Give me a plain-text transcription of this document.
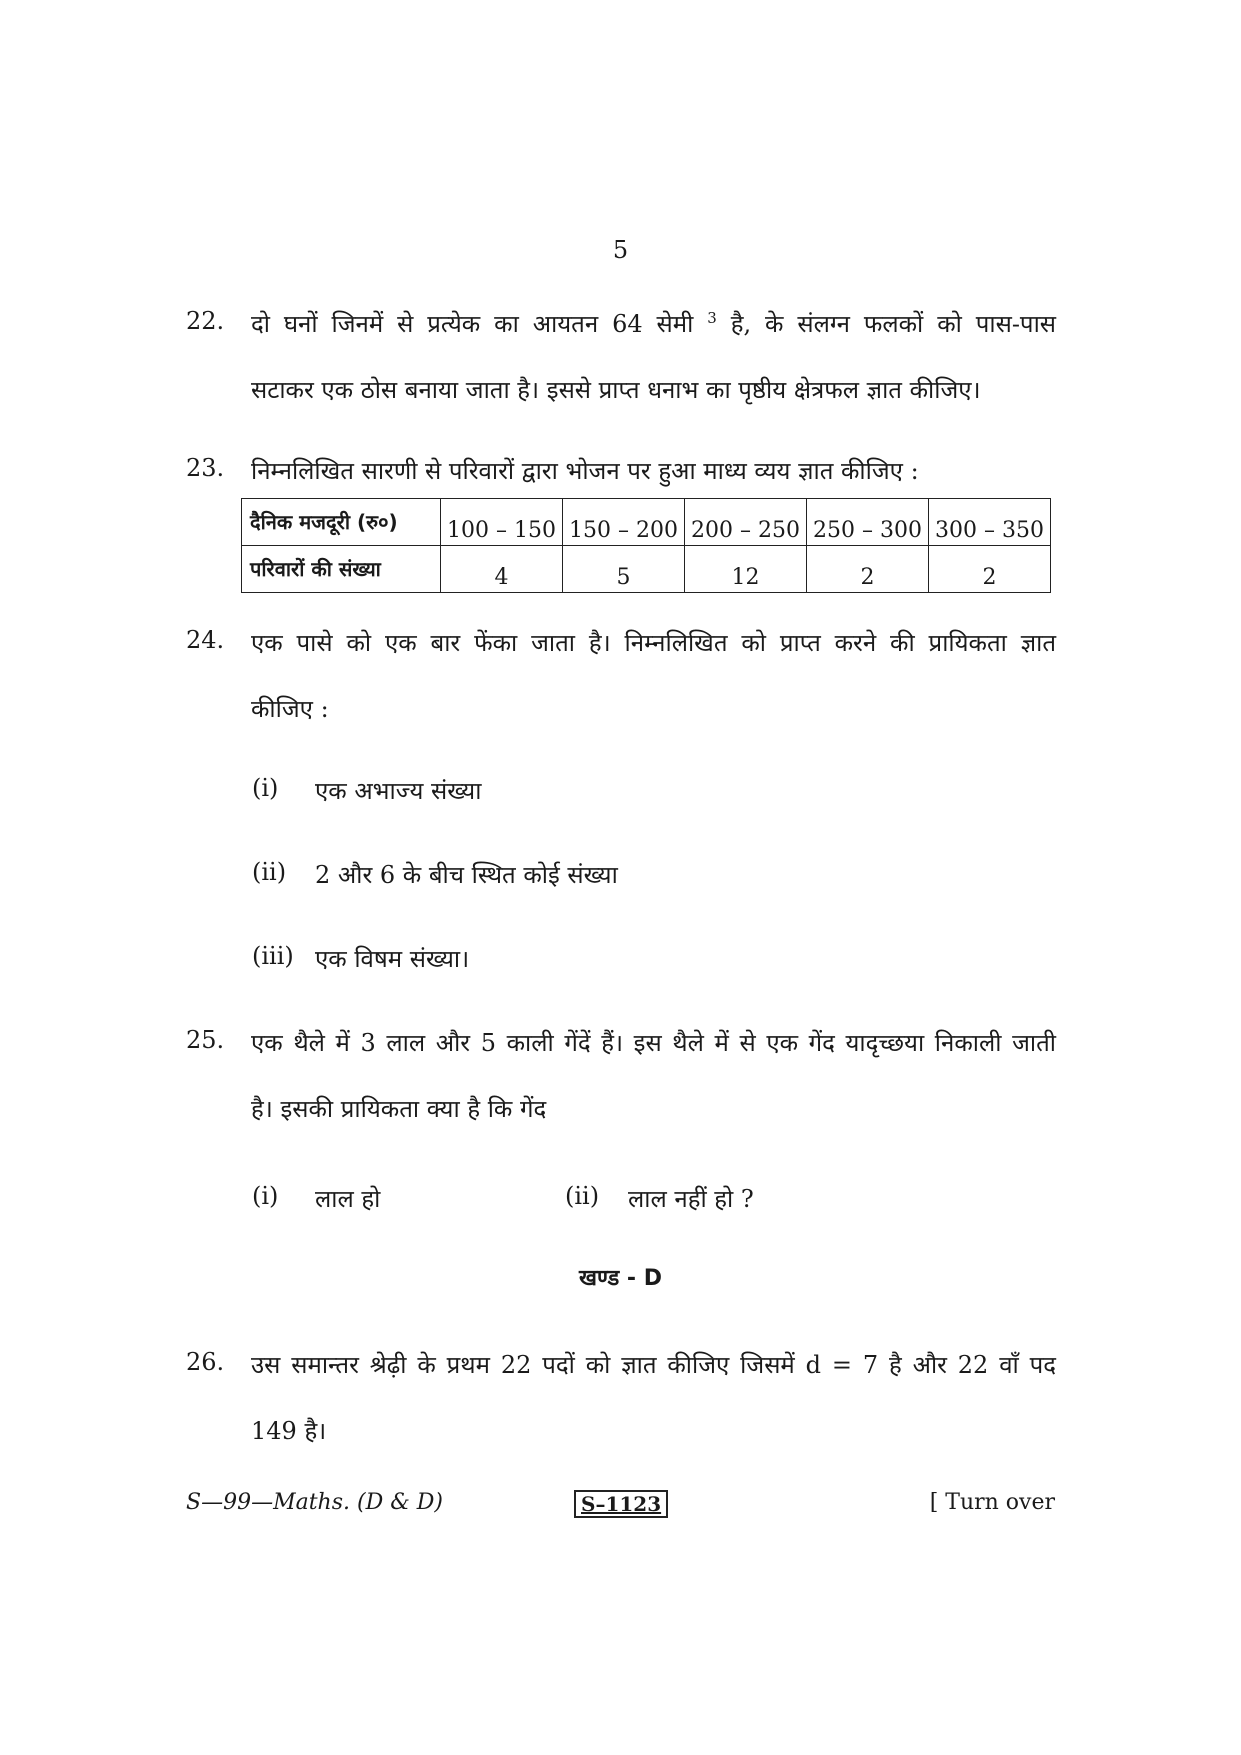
5
22. दो घनों जिनमें से प्रत्येक का आयतन 64 सेमी $^3$ है, के संलग्न फलकों को पास-पास
सटाकर एक ठोस बनाया जाता है। इससे प्राप्त धनाभ का पृष्ठीय क्षेत्रफल ज्ञात कीजिए।
23. निम्नलिखित सारणी से परिवारों द्वारा भोजन पर हुआ माध्य व्यय ज्ञात कीजिए :
दैनिक मजदूरी (रु०)	100 – 150	150 – 200	200 – 250	250 – 300	300 – 350
परिवारों की संख्या	4	5	12	2	2
24. एक पासे को एक बार फेंका जाता है। निम्नलिखित को प्राप्त करने की प्रायिकता ज्ञात
कीजिए :
(i) एक अभाज्य संख्या
(ii) 2 और 6 के बीच स्थित कोई संख्या
(iii) एक विषम संख्या।
25. एक थैले में 3 लाल और 5 काली गेंदें हैं। इस थैले में से एक गेंद यादृच्छया निकाली जाती
है। इसकी प्रायिकता क्या है कि गेंद
(i) लाल हो	(ii) लाल नहीं हो ?
खण्ड - D
26. उस समान्तर श्रेढ़ी के प्रथम 22 पदों को ज्ञात कीजिए जिसमें d = 7 है और 22 वाँ पद
149 है।
S—99—Maths. (D & D)	S–1123	[ Turn over
